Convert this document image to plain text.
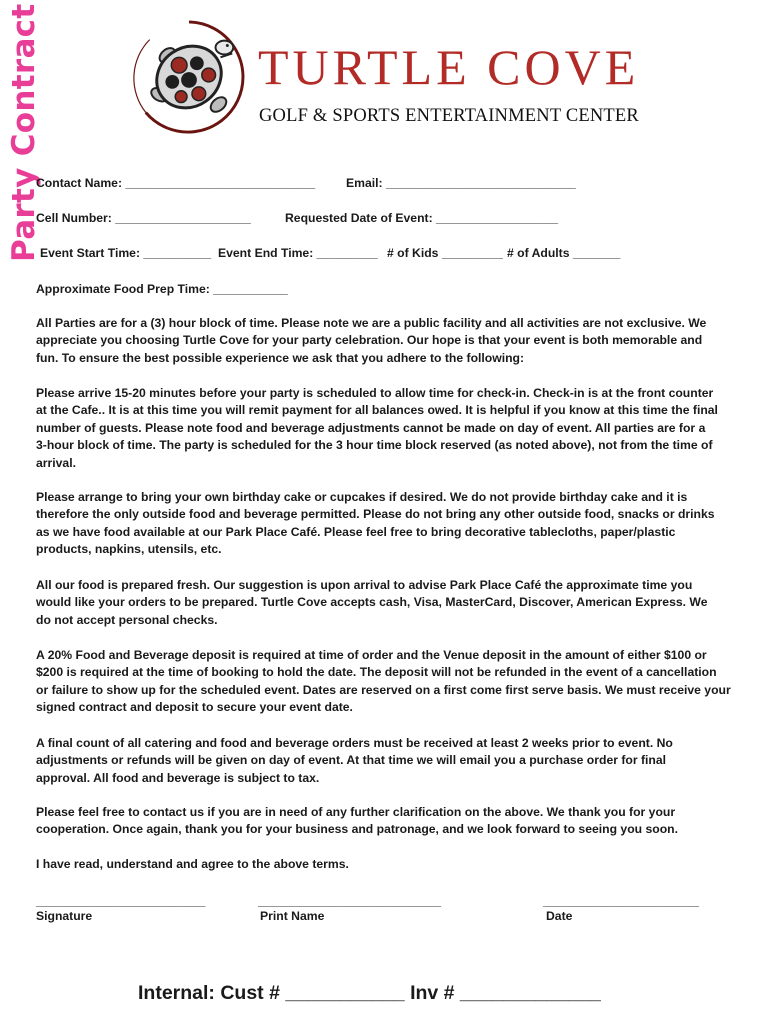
Party Contract	TURTLE COVE
GOLF & SPORTS ENTERTAINMENT CENTER
Contact Name: ____________________________	Email: ____________________________
Cell Number: ____________________	Requested Date of Event: __________________
Event Start Time: __________ Event End Time: _________ # of Kids _________ # of Adults _______
Approximate Food Prep Time: ___________

All Parties are for a (3) hour block of time. Please note we are a public facility and all activities are not exclusive. We
appreciate you choosing Turtle Cove for your party celebration. Our hope is that your event is both memorable and
fun. To ensure the best possible experience we ask that you adhere to the following:

Please arrive 15-20 minutes before your party is scheduled to allow time for check-in. Check-in is at the front counter
at the Cafe.. It is at this time you will remit payment for all balances owed. It is helpful if you know at this time the final
number of guests. Please note food and beverage adjustments cannot be made on day of event. All parties are for a
3-hour block of time. The party is scheduled for the 3 hour time block reserved (as noted above), not from the time of
arrival.

Please arrange to bring your own birthday cake or cupcakes if desired. We do not provide birthday cake and it is
therefore the only outside food and beverage permitted. Please do not bring any other outside food, snacks or drinks
as we have food available at our Park Place Café. Please feel free to bring decorative tablecloths, paper/plastic
products, napkins, utensils, etc.

All our food is prepared fresh. Our suggestion is upon arrival to advise Park Place Café the approximate time you
would like your orders to be prepared. Turtle Cove accepts cash, Visa, MasterCard, Discover, American Express. We
do not accept personal checks.

A 20% Food and Beverage deposit is required at time of order and the Venue deposit in the amount of either $100 or
$200 is required at the time of booking to hold the date. The deposit will not be refunded in the event of a cancellation
or failure to show up for the scheduled event. Dates are reserved on a first come first serve basis. We must receive your
signed contract and deposit to secure your event date.

A final count of all catering and food and beverage orders must be received at least 2 weeks prior to event. No
adjustments or refunds will be given on day of event. At that time we will email you a purchase order for final
approval. All food and beverage is subject to tax.

Please feel free to contact us if you are in need of any further clarification on the above. We thank you for your
cooperation. Once again, thank you for your business and patronage, and we look forward to seeing you soon.

I have read, understand and agree to the above terms.

_________________________
Signature
___________________________
Print Name
_______________________
Date
Internal: Cust # ___________ Inv # _____________
